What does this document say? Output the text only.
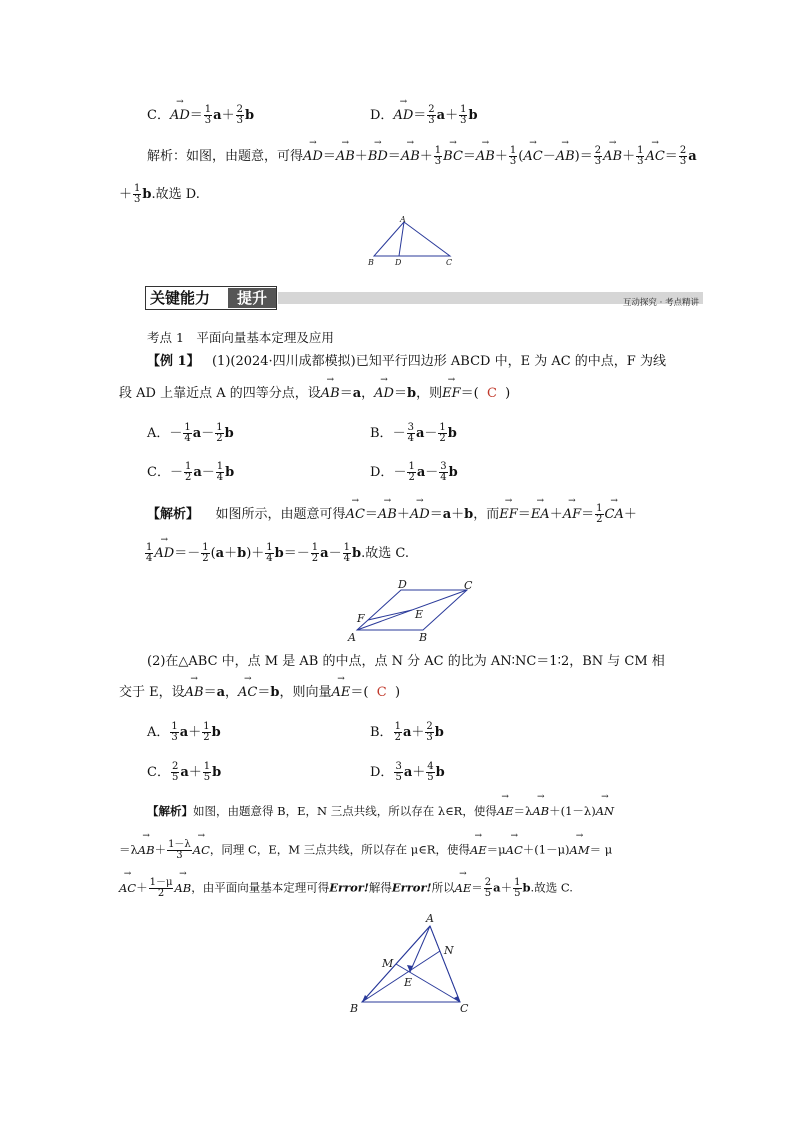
C．→ $AD= \frac{1}{3} a+ \frac{2}{3}$ b	D．→ $AD= \frac{2}{3} a+ \frac{1}{3}$ b
解析：如图，由题意，可得→ $AD=\to AB+\to BD=\to AB+ \frac{1}{3}$
→ $BC=\to AB+ \frac{1}{3}$ (→ $AC-\to AB)= \frac{2}{3}$
→ $AB+ \frac{1}{3}$
→ $AC= \frac{2}{3}$ a
＋ $\frac{1}{3} b$.故选 D.
A
B	D	C
关键能力	提升	互动探究 · 考点精讲
考点 1　平面向量基本定理及应用
【例 1】 (1)(2024·四川成都模拟)已知平行四边形 ABCD 中，E 为 AC 的中点，F 为线
段 AD 上靠近点 A 的四等分点，设→ AB＝a，→ AD＝b，则→ EF＝(  C  )
A．－ $\frac{1}{4} a- \frac{1}{2}$ b	B．－ $\frac{3}{4} a- \frac{1}{2}$ b
C．－ $\frac{1}{2} a- \frac{1}{4}$ b	D．－ $\frac{1}{2} a- \frac{3}{4}$ b
【解析】 如图所示，由题意可得→ AC＝→ AB＋→ AD＝a＋b，而→ $EF=\to EA+\to AF= \frac{1}{2}$
→ CA＋
$\frac{1}{4}$
→ $AD=- \frac{1}{2} (a+b)+ \frac{1}{4} b=- \frac{1}{2} a- \frac{1}{4} b$.故选 C.
D	C
F	E
A	B
(2)在△ABC 中，点 M 是 AB 的中点，点 N 分 AC 的比为 AN∶NC＝1∶2，BN 与 CM 相
交于 E，设→ AB＝a，→ AC＝b，则向量→ AE＝(  C  )
A． $\frac{1}{3} a+ \frac{1}{2}$ b	B． $\frac{1}{2} a+ \frac{2}{3}$ b
C． $\frac{2}{5} a+ \frac{1}{5}$ b	D． $\frac{3}{5} a+ \frac{4}{5}$ b
【解析】如图，由题意得 B，E，N 三点共线，所以存在 λ∈R，使得→ AE＝λ→ AB＋(1－λ)→ AN
$=\lambda\to AB+ \frac{1-\lambda}{3}$
→ AC，同理 C，E，M 三点共线，所以存在 μ∈R，使得→ AE＝μ→ AC＋(1－μ)→ AM＝ μ
→ $AC+ \frac{1-\mu}{2}$
→ AB，由平面向量基本定理可得Error!解得Error!所以→ $AE= \frac{2}{5} a+ \frac{1}{5} b$.故选 C.
A
M
N
E
B	C
